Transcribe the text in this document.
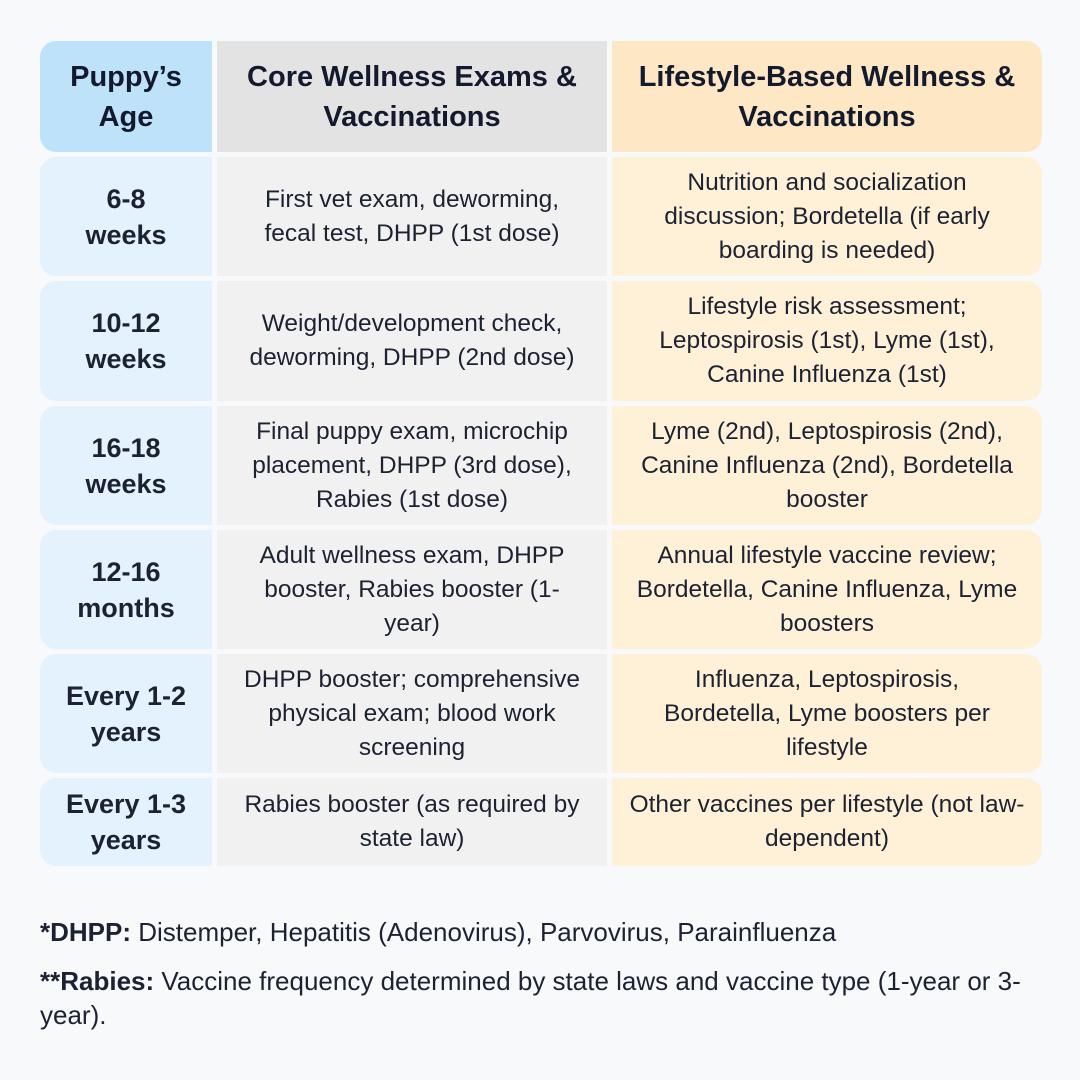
Puppy’s Age
Core Wellness Exams & Vaccinations
Lifestyle-Based Wellness & Vaccinations
6-8 weeks
First vet exam, deworming, fecal test, DHPP (1st dose)
Nutrition and socialization discussion; Bordetella (if early boarding is needed)
10-12 weeks
Weight/development check, deworming, DHPP (2nd dose)
Lifestyle risk assessment; Leptospirosis (1st), Lyme (1st), Canine Influenza (1st)
16-18 weeks
Final puppy exam, microchip placement, DHPP (3rd dose), Rabies (1st dose)
Lyme (2nd), Leptospirosis (2nd), Canine Influenza (2nd), Bordetella booster
12-16 months
Adult wellness exam, DHPP booster, Rabies booster (1-year)
Annual lifestyle vaccine review; Bordetella, Canine Influenza, Lyme boosters
Every 1-2 years
DHPP booster; comprehensive physical exam; blood work screening
Influenza, Leptospirosis, Bordetella, Lyme boosters per lifestyle
Every 1-3 years
Rabies booster (as required by state law)
Other vaccines per lifestyle (not law-dependent)
*DHPP: Distemper, Hepatitis (Adenovirus), Parvovirus, Parainfluenza
**Rabies: Vaccine frequency determined by state laws and vaccine type (1-year or 3-year).
